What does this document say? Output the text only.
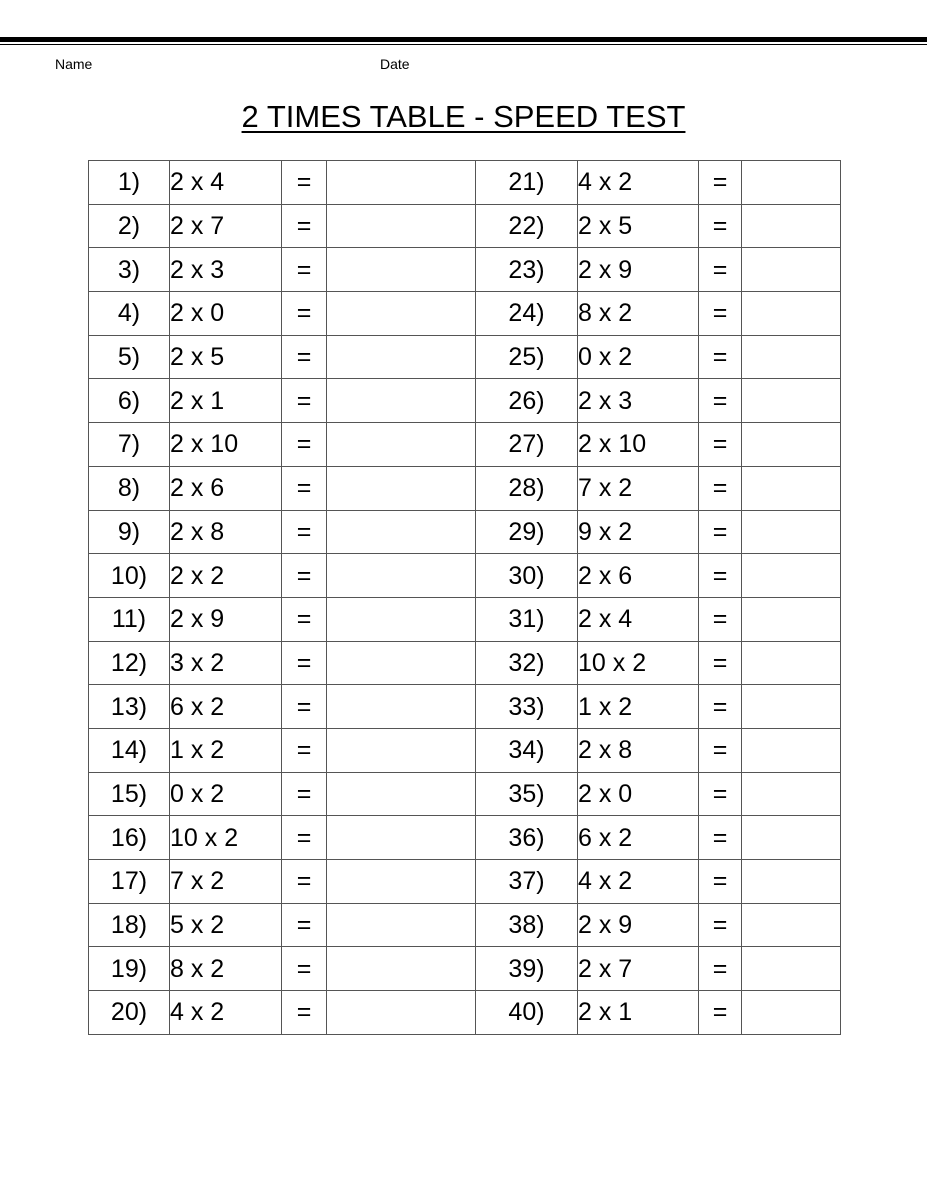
Name	Date
2 TIMES TABLE - SPEED TEST
1)	2 x 4	=		21)	4 x 2	=	
2)	2 x 7	=		22)	2 x 5	=	
3)	2 x 3	=		23)	2 x 9	=	
4)	2 x 0	=		24)	8 x 2	=	
5)	2 x 5	=		25)	0 x 2	=	
6)	2 x 1	=		26)	2 x 3	=	
7)	2 x 10	=		27)	2 x 10	=	
8)	2 x 6	=		28)	7 x 2	=	
9)	2 x 8	=		29)	9 x 2	=	
10)	2 x 2	=		30)	2 x 6	=	
11)	2 x 9	=		31)	2 x 4	=	
12)	3 x 2	=		32)	10 x 2	=	
13)	6 x 2	=		33)	1 x 2	=	
14)	1 x 2	=		34)	2 x 8	=	
15)	0 x 2	=		35)	2 x 0	=	
16)	10 x 2	=		36)	6 x 2	=	
17)	7 x 2	=		37)	4 x 2	=	
18)	5 x 2	=		38)	2 x 9	=	
19)	8 x 2	=		39)	2 x 7	=	
20)	4 x 2	=		40)	2 x 1	=	
